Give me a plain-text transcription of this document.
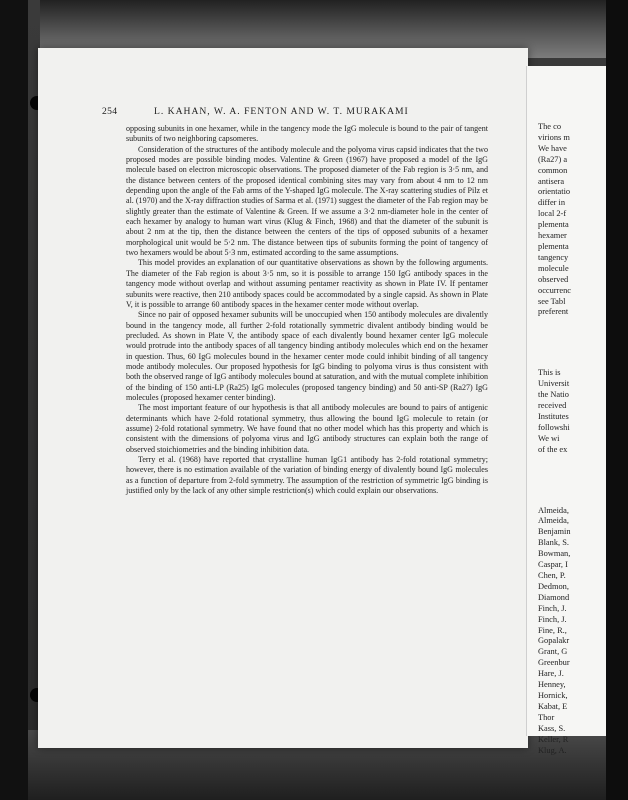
254	L. KAHAN, W. A. FENTON AND W. T. MURAKAMI

opposing subunits in one hexamer, while in the tangency mode the IgG molecule is bound to the pair of tangent subunits of two neighboring capsomeres.

Consideration of the structures of the antibody molecule and the polyoma virus capsid indicates that the two proposed modes are possible binding modes. Valentine & Green (1967) have proposed a model of the IgG molecule based on electron microscopic observations. The proposed diameter of the Fab region is 3·5 nm, and the distance between centers of the proposed identical combining sites may vary from about 4 nm to 12 nm depending upon the angle of the Fab arms of the Y-shaped IgG molecule. The X-ray scattering studies of Pilz et al. (1970) and the X-ray diffraction studies of Sarma et al. (1971) suggest the diameter of the Fab region may be slightly greater than the estimate of Valentine & Green. If we assume a 3·2 nm-diameter hole in the center of each hexamer by analogy to human wart virus (Klug & Finch, 1968) and that the diameter of the subunit is about 2 nm at the tip, then the distance between the centers of the tips of opposed subunits of a hexamer morphological unit would be 5·2 nm. The distance between tips of subunits forming the point of tangency of two hexamers would be about 5·3 nm, estimated according to the same assumptions.

This model provides an explanation of our quantitative observations as shown by the following arguments. The diameter of the Fab region is about 3·5 nm, so it is possible to arrange 150 IgG antibody spaces in the tangency mode without overlap and without assuming pentamer reactivity as shown in Plate IV. If pentamer subunits were reactive, then 210 antibody spaces could be accommodated by a single capsid. As shown in Plate V, it is possible to arrange 60 antibody spaces in the hexamer center mode without overlap.

Since no pair of opposed hexamer subunits will be unoccupied when 150 antibody molecules are divalently bound in the tangency mode, all further 2-fold rotationally symmetric divalent antibody binding would be precluded. As shown in Plate V, the antibody space of each divalently bound hexamer center IgG molecule would protrude into the antibody spaces of all tangency binding antibody molecules which end on the hexamer in question. Thus, 60 IgG molecules bound in the hexamer center mode could inhibit binding of all tangency mode antibody molecules. Our proposed hypothesis for IgG binding to polyoma virus is thus consistent with both the observed range of IgG antibody molecules bound at saturation, and with the mutual complete inhibition of the binding of 150 anti-LP (Ra25) IgG molecules (proposed tangency binding) and 50 anti-SP (Ra27) IgG molecules (proposed hexamer center binding).

The most important feature of our hypothesis is that all antibody molecules are bound to pairs of antigenic determinants which have 2-fold rotational symmetry, thus allowing the bound IgG molecule to retain (or assume) 2-fold rotational symmetry. We have found that no other model which has this property and which is consistent with the dimensions of polyoma virus and IgG antibody structures can explain both the range of observed stoichiometries and the binding inhibition data.

Terry et al. (1968) have reported that crystalline human IgG1 antibody has 2-fold rotational symmetry; however, there is no estimation available of the variation of binding energy of divalently bound IgG molecules as a function of departure from 2-fold symmetry. The assumption of the restriction of symmetric IgG binding is justified only by the lack of any other simple restriction(s) which could explain our observations.

The co
virions m
We have
(Ra27) a
common
antisera
orientatio
differ in
local 2-f
plementa
hexamer
plementa
tangency
molecule
observed
occurrenc
see Tabl
preferent
This is
Universit
the Natio
received
Institutes
followshi
We wi
of the ex
Almeida,
Almeida,
Benjamin
Blank, S.
Bowman,
Caspar, I
Chen, P.
Dedmon,
Diamond
Finch, J.
Finch, J.
Fine, R.,
Gopalakr
Grant, G
Greenbur
Hare, J.
Henney,
Hornick,
Kabat, E
Thor
Kass, S.
Keller, R
Klug, A.
